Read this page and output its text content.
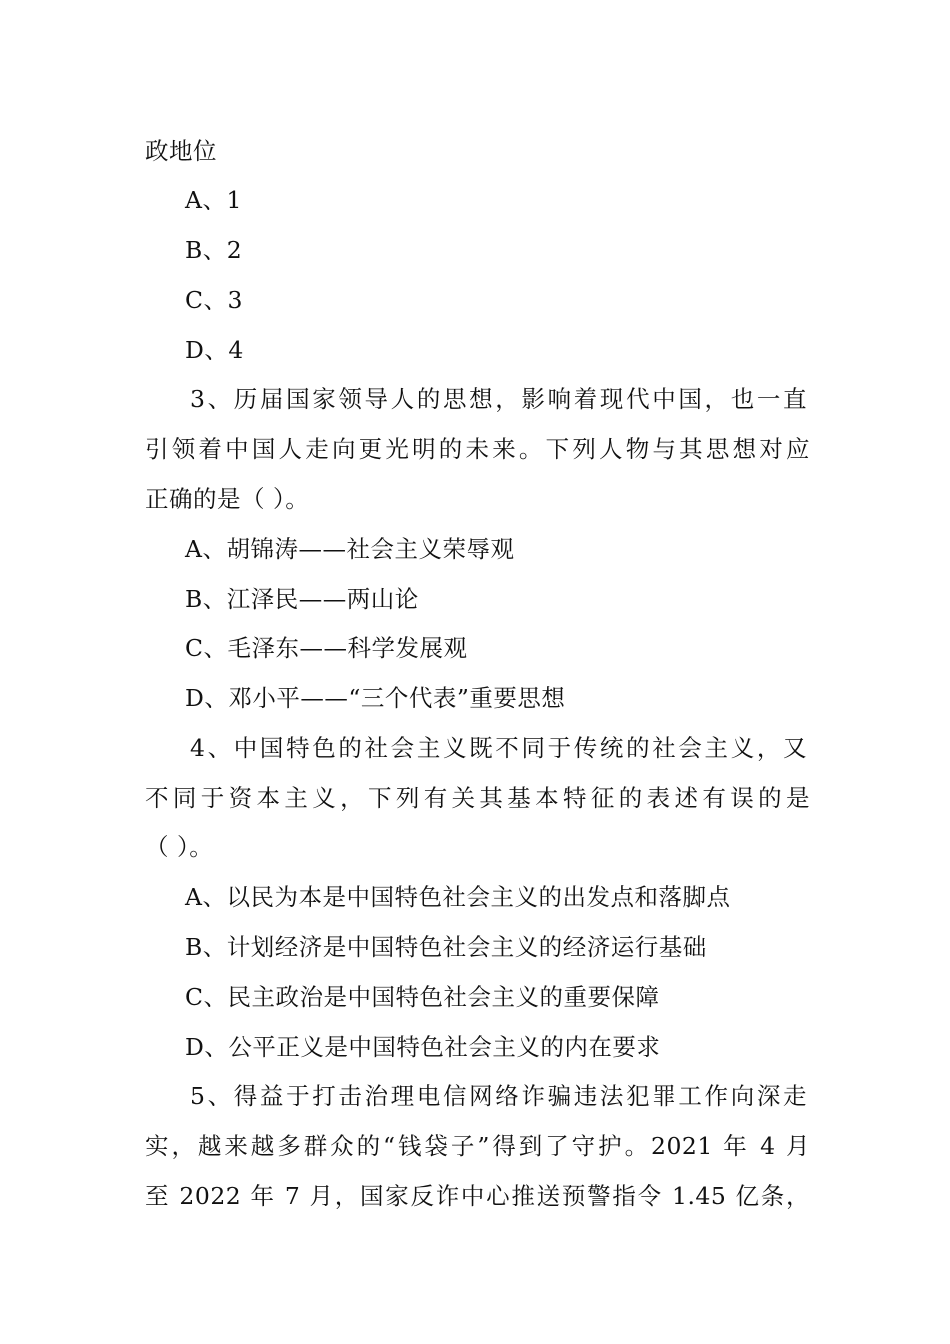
政地位
A、1
B、2
C、3
D、4
3、历届国家领导人的思想，影响着现代中国，也一直
引领着中国人走向更光明的未来。下列人物与其思想对应
正确的是（ ）。
A、胡锦涛——社会主义荣辱观
B、江泽民——两山论
C、毛泽东——科学发展观
D、邓小平——“三个代表”重要思想
4、中国特色的社会主义既不同于传统的社会主义，又
不同于资本主义，下列有关其基本特征的表述有误的是
（ ）。
A、以民为本是中国特色社会主义的出发点和落脚点
B、计划经济是中国特色社会主义的经济运行基础
C、民主政治是中国特色社会主义的重要保障
D、公平正义是中国特色社会主义的内在要求
5、得益于打击治理电信网络诈骗违法犯罪工作向深走
实，越来越多群众的“钱袋子”得到了守护。2021 年 4 月
至 2022 年 7 月，国家反诈中心推送预警指令 1.45 亿条，
